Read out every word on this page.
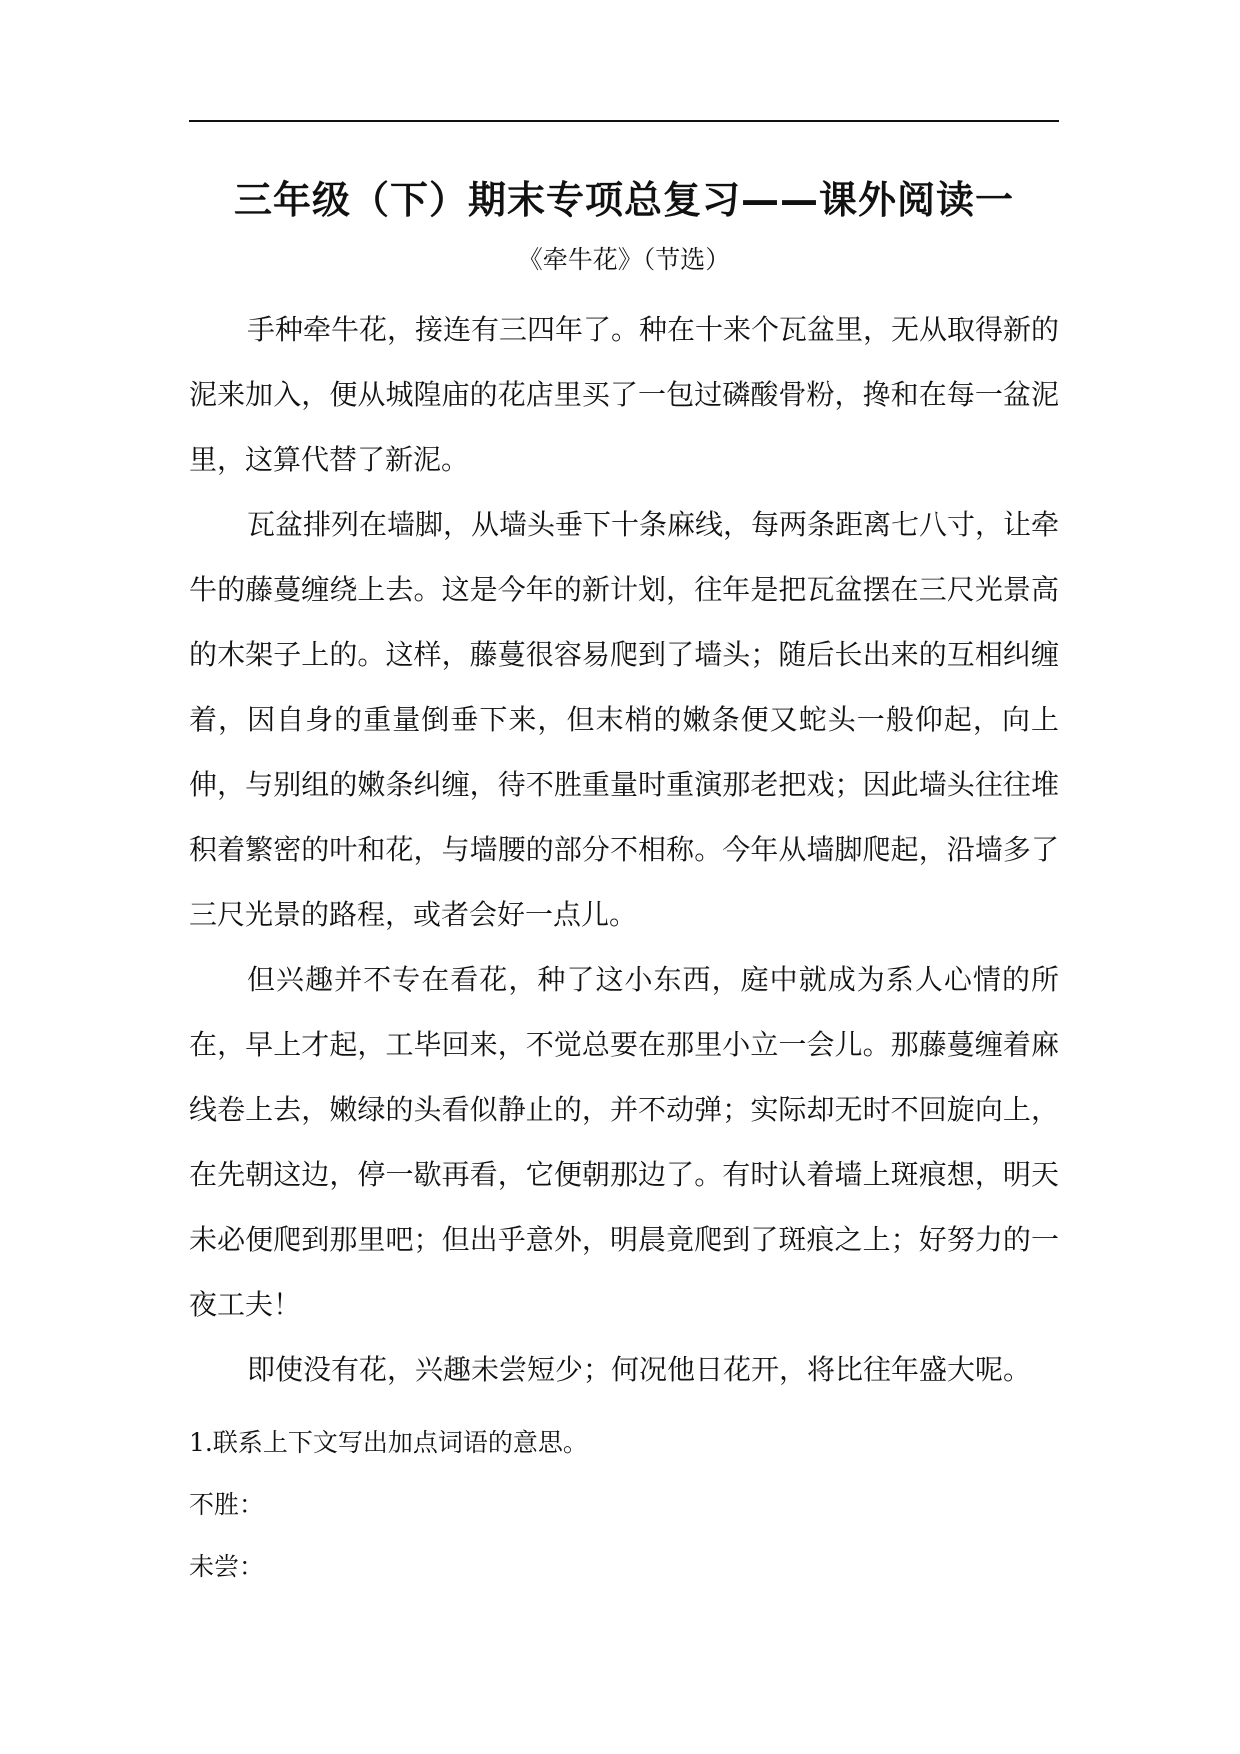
三年级（下）期末专项总复习——课外阅读一
《牵牛花》（节选）

手种牵牛花，接连有三四年了。种在十来个瓦盆里，无从取得新的泥来加入，便从城隍庙的花店里买了一包过磷酸骨粉，搀和在每一盆泥里，这算代替了新泥。

瓦盆排列在墙脚，从墙头垂下十条麻线，每两条距离七八寸，让牵牛的藤蔓缠绕上去。这是今年的新计划，往年是把瓦盆摆在三尺光景高的木架子上的。这样，藤蔓很容易爬到了墙头；随后长出来的互相纠缠着，因自身的重量倒垂下来，但末梢的嫩条便又蛇头一般仰起，向上伸，与别组的嫩条纠缠，待不胜重量时重演那老把戏；因此墙头往往堆积着繁密的叶和花，与墙腰的部分不相称。今年从墙脚爬起，沿墙多了三尺光景的路程，或者会好一点儿。

但兴趣并不专在看花，种了这小东西，庭中就成为系人心情的所在，早上才起，工毕回来，不觉总要在那里小立一会儿。那藤蔓缠着麻线卷上去，嫩绿的头看似静止的，并不动弹；实际却无时不回旋向上，在先朝这边，停一歇再看，它便朝那边了。有时认着墙上斑痕想，明天未必便爬到那里吧；但出乎意外，明晨竟爬到了斑痕之上；好努力的一夜工夫！

即使没有花，兴趣未尝短少；何况他日花开，将比往年盛大呢。

1.联系上下文写出加点词语的意思。

不胜：

未尝：
